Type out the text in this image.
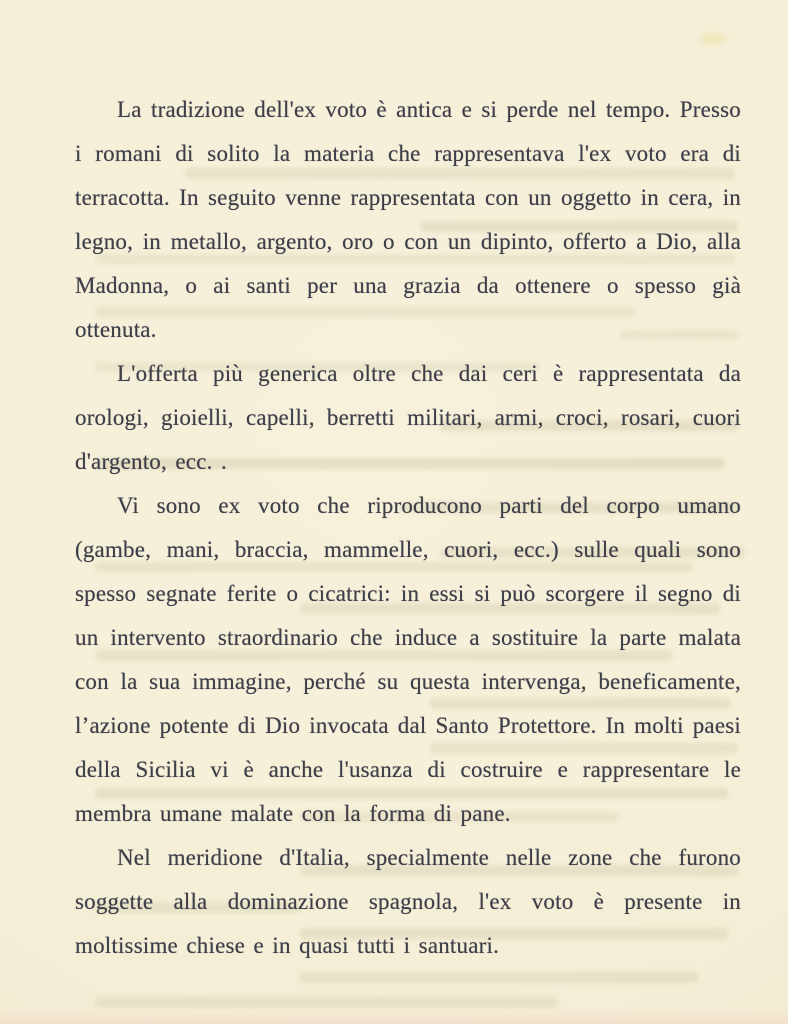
La tradizione dell'ex voto è antica e si perde nel tempo. Presso i romani di solito la materia che rappresentava l'ex voto era di terracotta. In seguito venne rappresentata con un oggetto in cera, in legno, in metallo, argento, oro o con un dipinto, offerto a Dio, alla Madonna, o ai santi per una grazia da ottenere o spesso già ottenuta.

L'offerta più generica oltre che dai ceri è rappresentata da orologi, gioielli, capelli, berretti militari, armi, croci, rosari, cuori d'argento, ecc. .

Vi sono ex voto che riproducono parti del corpo umano (gambe, mani, braccia, mammelle, cuori, ecc.) sulle quali sono spesso segnate ferite o cicatrici: in essi si può scorgere il segno di un intervento straordinario che induce a sostituire la parte malata con la sua immagine, perché su questa intervenga, beneficamente, l’azione potente di Dio invocata dal Santo Protettore. In molti paesi della Sicilia vi è anche l'usanza di costruire e rappresentare le membra umane malate con la forma di pane.

Nel meridione d'Italia, specialmente nelle zone che furono soggette alla dominazione spagnola, l'ex voto è presente in moltissime chiese e in quasi tutti i santuari.
